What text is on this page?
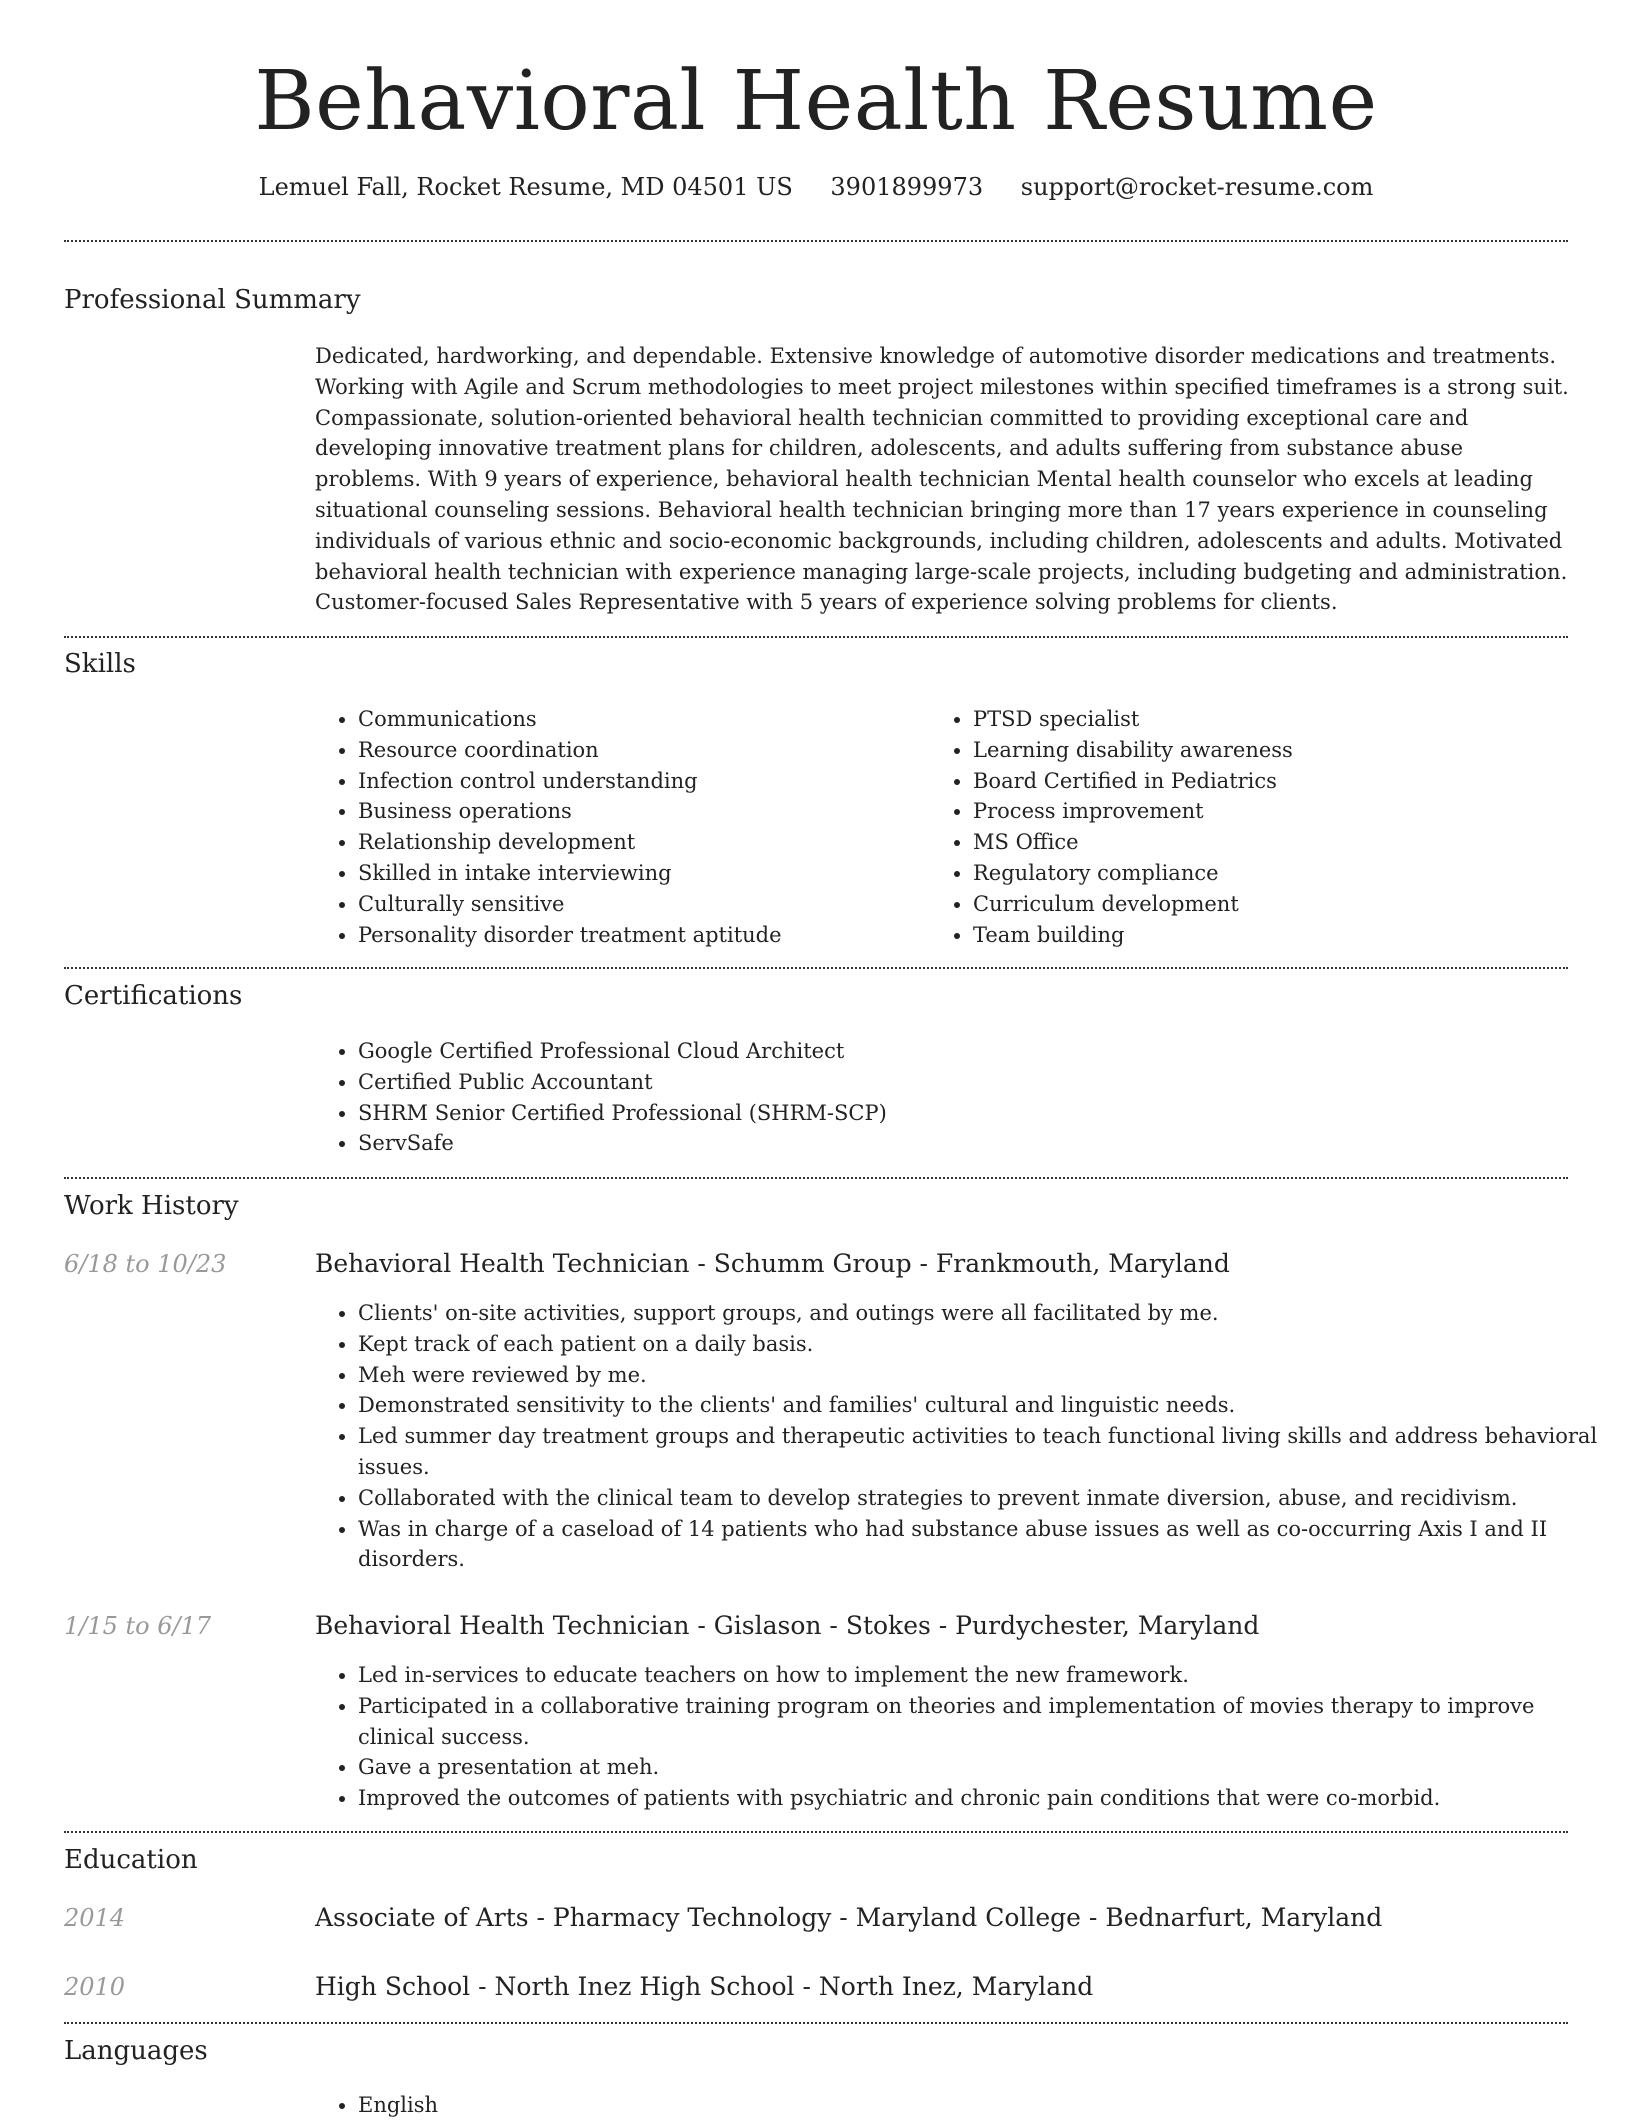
Behavioral Health Resume
Lemuel Fall, Rocket Resume, MD 04501 US 3901899973 support@rocket-resume.com
Professional Summary
Dedicated, hardworking, and dependable. Extensive knowledge of automotive disorder medications and treatments. Working with Agile and Scrum methodologies to meet project milestones within specified timeframes is a strong suit. Compassionate, solution-oriented behavioral health technician committed to providing exceptional care and developing innovative treatment plans for children, adolescents, and adults suffering from substance abuse problems. With 9 years of experience, behavioral health technician Mental health counselor who excels at leading situational counseling sessions. Behavioral health technician bringing more than 17 years experience in counseling individuals of various ethnic and socio-economic backgrounds, including children, adolescents and adults. Motivated behavioral health technician with experience managing large-scale projects, including budgeting and administration. Customer-focused Sales Representative with 5 years of experience solving problems for clients.
Skills
• Communications
• Resource coordination
• Infection control understanding
• Business operations
• Relationship development
• Skilled in intake interviewing
• Culturally sensitive
• Personality disorder treatment aptitude
• PTSD specialist
• Learning disability awareness
• Board Certified in Pediatrics
• Process improvement
• MS Office
• Regulatory compliance
• Curriculum development
• Team building
Certifications
• Google Certified Professional Cloud Architect
• Certified Public Accountant
• SHRM Senior Certified Professional (SHRM-SCP)
• ServSafe
Work History
6/18 to 10/23	Behavioral Health Technician - Schumm Group - Frankmouth, Maryland
• Clients' on-site activities, support groups, and outings were all facilitated by me.
• Kept track of each patient on a daily basis.
• Meh were reviewed by me.
• Demonstrated sensitivity to the clients' and families' cultural and linguistic needs.
• Led summer day treatment groups and therapeutic activities to teach functional living skills and address behavioral issues.
• Collaborated with the clinical team to develop strategies to prevent inmate diversion, abuse, and recidivism.
• Was in charge of a caseload of 14 patients who had substance abuse issues as well as co-occurring Axis I and II disorders.
1/15 to 6/17	Behavioral Health Technician - Gislason - Stokes - Purdychester, Maryland
• Led in-services to educate teachers on how to implement the new framework.
• Participated in a collaborative training program on theories and implementation of movies therapy to improve clinical success.
• Gave a presentation at meh.
• Improved the outcomes of patients with psychiatric and chronic pain conditions that were co-morbid.
Education
2014	Associate of Arts - Pharmacy Technology - Maryland College - Bednarfurt, Maryland
2010	High School - North Inez High School - North Inez, Maryland
Languages
• English
